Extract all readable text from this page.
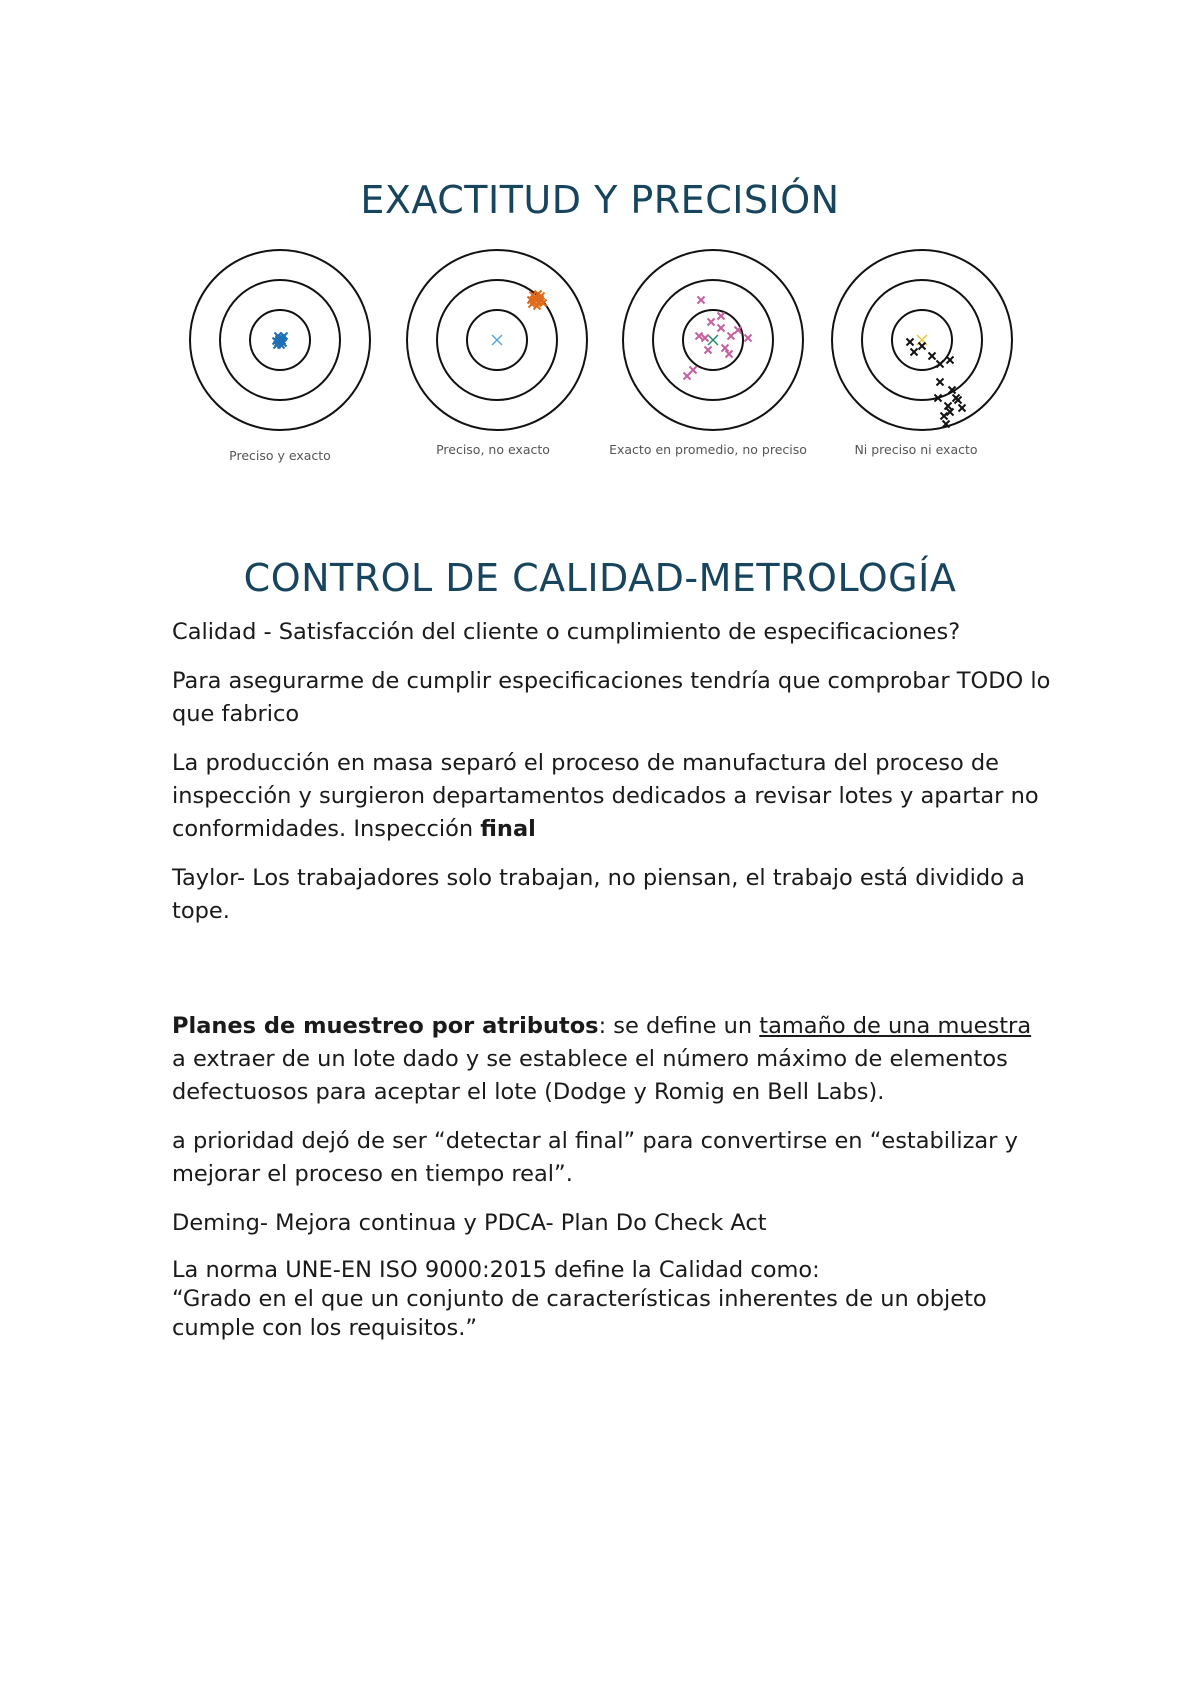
EXACTITUD Y PRECISIÓN
Preciso y exacto	Preciso, no exacto	Exacto en promedio, no preciso	Ni preciso ni exacto
CONTROL DE CALIDAD-METROLOGÍA

Calidad - Satisfacción del cliente o cumplimiento de especificaciones?

Para asegurarme de cumplir especificaciones tendría que comprobar TODO lo que fabrico

La producción en masa separó el proceso de manufactura del proceso de inspección y surgieron departamentos dedicados a revisar lotes y apartar no conformidades. Inspección final

Taylor- Los trabajadores solo trabajan, no piensan, el trabajo está dividido a tope.

Planes de muestreo por atributos: se define un tamaño de una muestra a extraer de un lote dado y se establece el número máximo de elementos defectuosos para aceptar el lote (Dodge y Romig en Bell Labs).

a prioridad dejó de ser “detectar al final” para convertirse en “estabilizar y mejorar el proceso en tiempo real”.

Deming- Mejora continua y PDCA- Plan Do Check Act

La norma UNE-EN ISO 9000:2015 define la Calidad como:
“Grado en el que un conjunto de características inherentes de un objeto cumple con los requisitos.”
